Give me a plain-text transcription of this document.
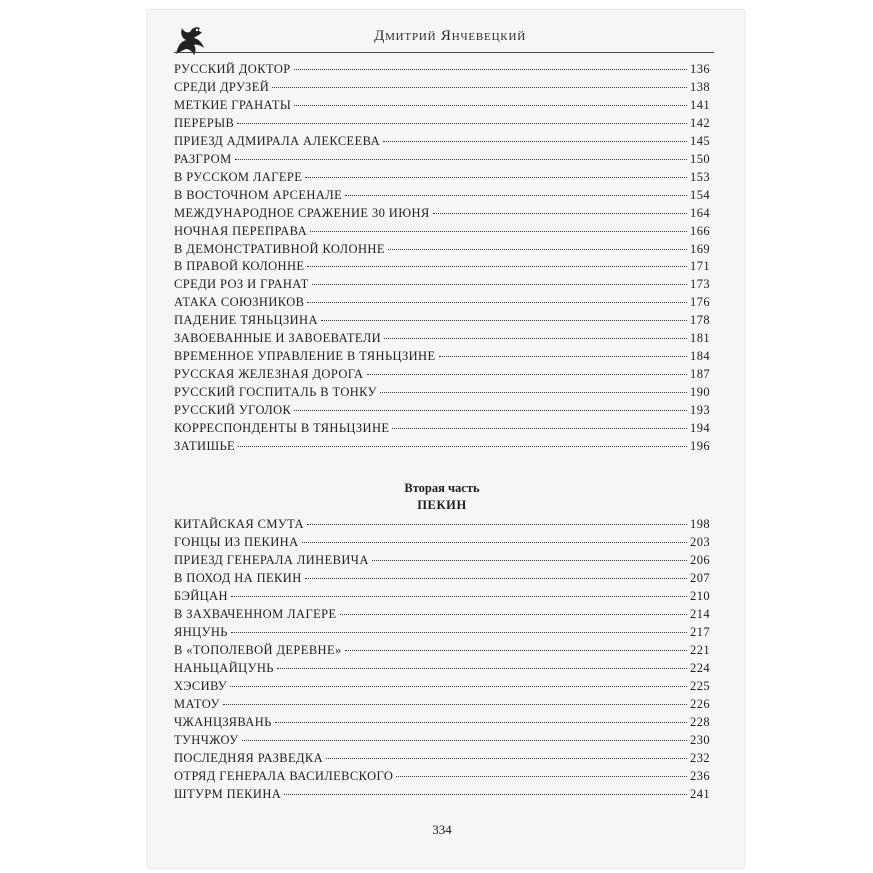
Дмитрий Янчевецкий
РУССКИЙ ДОКТОР	136
СРЕДИ ДРУЗЕЙ	138
МЕТКИЕ ГРАНАТЫ	141
ПЕРЕРЫВ	142
ПРИЕЗД АДМИРАЛА АЛЕКСЕЕВА	145
РАЗГРОМ	150
В РУССКОМ ЛАГЕРЕ	153
В ВОСТОЧНОМ АРСЕНАЛЕ	154
МЕЖДУНАРОДНОЕ СРАЖЕНИЕ 30 ИЮНЯ	164
НОЧНАЯ ПЕРЕПРАВА	166
В ДЕМОНСТРАТИВНОЙ КОЛОННЕ	169
В ПРАВОЙ КОЛОННЕ	171
СРЕДИ РОЗ И ГРАНАТ	173
АТАКА СОЮЗНИКОВ	176
ПАДЕНИЕ ТЯНЬЦЗИНА	178
ЗАВОЕВАННЫЕ И ЗАВОЕВАТЕЛИ	181
ВРЕМЕННОЕ УПРАВЛЕНИЕ В ТЯНЬЦЗИНЕ	184
РУССКАЯ ЖЕЛЕЗНАЯ ДОРОГА	187
РУССКИЙ ГОСПИТАЛЬ В ТОНКУ	190
РУССКИЙ УГОЛОК	193
КОРРЕСПОНДЕНТЫ В ТЯНЬЦЗИНЕ	194
ЗАТИШЬЕ	196
Вторая часть
ПЕКИН
КИТАЙСКАЯ СМУТА	198
ГОНЦЫ ИЗ ПЕКИНА	203
ПРИЕЗД ГЕНЕРАЛА ЛИНЕВИЧА	206
В ПОХОД НА ПЕКИН	207
БЭЙЦАН	210
В ЗАХВАЧЕННОМ ЛАГЕРЕ	214
ЯНЦУНЬ	217
В «ТОПОЛЕВОЙ ДЕРЕВНЕ»	221
НАНЬЦАЙЦУНЬ	224
ХЭСИВУ	225
МАТОУ	226
ЧЖАНЦЗЯВАНЬ	228
ТУНЧЖОУ	230
ПОСЛЕДНЯЯ РАЗВЕДКА	232
ОТРЯД ГЕНЕРАЛА ВАСИЛЕВСКОГО	236
ШТУРМ ПЕКИНА	241
334
